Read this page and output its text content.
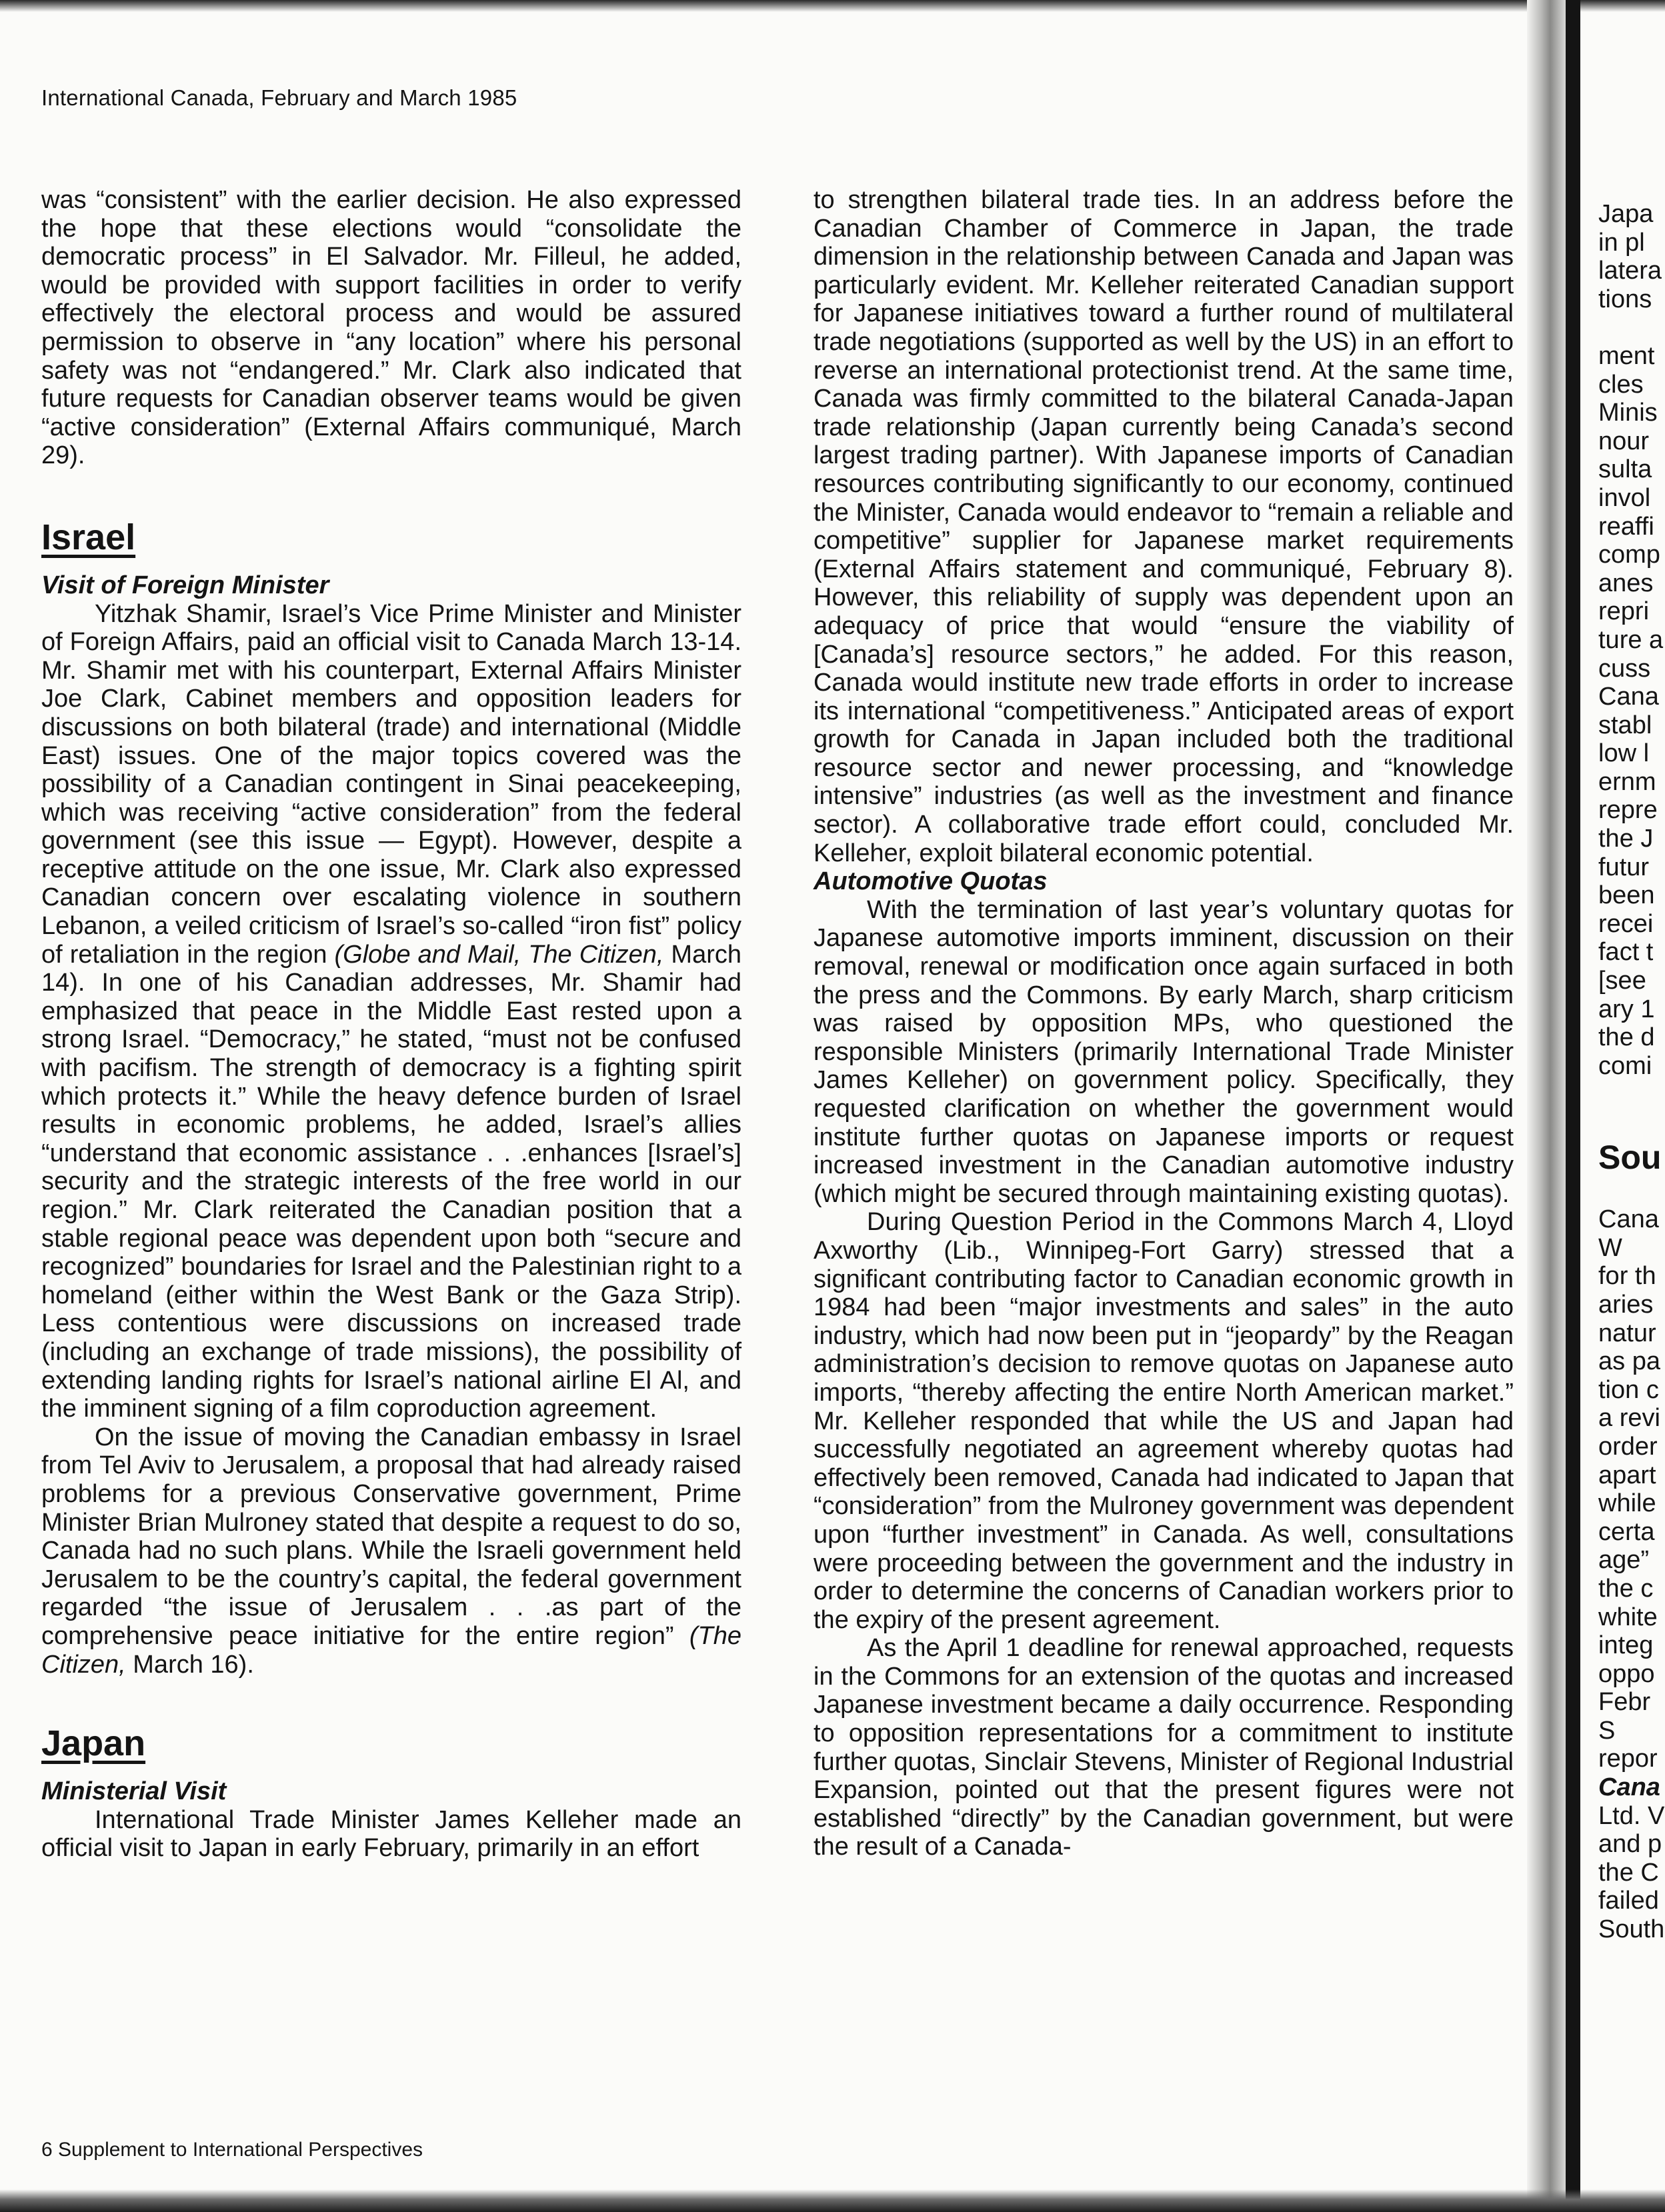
International Canada, February and March 1985

was “consistent” with the earlier decision. He also expressed the hope that these elections would “consolidate the democratic process” in El Salvador. Mr. Filleul, he added, would be provided with support facilities in order to verify effectively the electoral process and would be assured permission to observe in “any location” where his personal safety was not “endangered.” Mr. Clark also indicated that future requests for Canadian observer teams would be given “active consideration” (External Affairs communiqué, March 29).

Israel

Visit of Foreign Minister

Yitzhak Shamir, Israel’s Vice Prime Minister and Minister of Foreign Affairs, paid an official visit to Canada March 13-14. Mr. Shamir met with his counterpart, External Affairs Minister Joe Clark, Cabinet members and opposition leaders for discussions on both bilateral (trade) and international (Middle East) issues. One of the major topics covered was the possibility of a Canadian contingent in Sinai peacekeeping, which was receiving “active consideration” from the federal government (see this issue — Egypt). However, despite a receptive attitude on the one issue, Mr. Clark also expressed Canadian concern over escalating violence in southern Lebanon, a veiled criticism of Israel’s so-called “iron fist” policy of retaliation in the region (Globe and Mail, The Citizen, March 14). In one of his Canadian addresses, Mr. Shamir had emphasized that peace in the Middle East rested upon a strong Israel. “Democracy,” he stated, “must not be confused with pacifism. The strength of democracy is a fighting spirit which protects it.” While the heavy defence burden of Israel results in economic problems, he added, Israel’s allies “understand that economic assistance . . .enhances [Israel’s] security and the strategic interests of the free world in our region.” Mr. Clark reiterated the Canadian position that a stable regional peace was dependent upon both “secure and recognized” boundaries for Israel and the Palestinian right to a homeland (either within the West Bank or the Gaza Strip). Less contentious were discussions on increased trade (including an exchange of trade missions), the possibility of extending landing rights for Israel’s national airline El Al, and the imminent signing of a film coproduction agreement.

On the issue of moving the Canadian embassy in Israel from Tel Aviv to Jerusalem, a proposal that had already raised problems for a previous Conservative government, Prime Minister Brian Mulroney stated that despite a request to do so, Canada had no such plans. While the Israeli government held Jerusalem to be the country’s capital, the federal government regarded “the issue of Jerusalem . . .as part of the comprehensive peace initiative for the entire region” (The Citizen, March 16).

Japan

Ministerial Visit

International Trade Minister James Kelleher made an official visit to Japan in early February, primarily in an effort

to strengthen bilateral trade ties. In an address before the Canadian Chamber of Commerce in Japan, the trade dimension in the relationship between Canada and Japan was particularly evident. Mr. Kelleher reiterated Canadian support for Japanese initiatives toward a further round of multilateral trade negotiations (supported as well by the US) in an effort to reverse an international protectionist trend. At the same time, Canada was firmly committed to the bilateral Canada-Japan trade relationship (Japan currently being Canada’s second largest trading partner). With Japanese imports of Canadian resources contributing significantly to our economy, continued the Minister, Canada would endeavor to “remain a reliable and competitive” supplier for Japanese market requirements (External Affairs statement and communiqué, February 8). However, this reliability of supply was dependent upon an adequacy of price that would “ensure the viability of [Canada’s] resource sectors,” he added. For this reason, Canada would institute new trade efforts in order to increase its international “competitiveness.” Anticipated areas of export growth for Canada in Japan included both the traditional resource sector and newer processing, and “knowledge intensive” industries (as well as the investment and finance sector). A collaborative trade effort could, concluded Mr. Kelleher, exploit bilateral economic potential.

Automotive Quotas

With the termination of last year’s voluntary quotas for Japanese automotive imports imminent, discussion on their removal, renewal or modification once again surfaced in both the press and the Commons. By early March, sharp criticism was raised by opposition MPs, who questioned the responsible Ministers (primarily International Trade Minister James Kelleher) on government policy. Specifically, they requested clarification on whether the government would institute further quotas on Japanese imports or request increased investment in the Canadian automotive industry (which might be secured through maintaining existing quotas).

During Question Period in the Commons March 4, Lloyd Axworthy (Lib., Winnipeg-Fort Garry) stressed that a significant contributing factor to Canadian economic growth in 1984 had been “major investments and sales” in the auto industry, which had now been put in “jeopardy” by the Reagan administration’s decision to remove quotas on Japanese auto imports, “thereby affecting the entire North American market.” Mr. Kelleher responded that while the US and Japan had successfully negotiated an agreement whereby quotas had effectively been removed, Canada had indicated to Japan that “consideration” from the Mulroney government was dependent upon “further investment” in Canada. As well, consultations were proceeding between the government and the industry in order to determine the concerns of Canadian workers prior to the expiry of the present agreement.

As the April 1 deadline for renewal approached, requests in the Commons for an extension of the quotas and increased Japanese investment became a daily occurrence. Responding to opposition representations for a commitment to institute further quotas, Sinclair Stevens, Minister of Regional Industrial Expansion, pointed out that the present figures were not established “directly” by the Canadian government, but were the result of a Canada-

Japa
in pl
latera
tions

ment
cles
Minis
nour
sulta
invol
reaffi
comp
anes
repri
ture a
cuss
Cana
stabl
low l
ernm
repre
the J
futur
been
recei
fact t
[see
ary 1
the d
comi

Sou

Cana
W
for th
aries
natur
as pa
tion c
a revi
order
apart
while
certa
age”
the c
white
integ
oppo
Febr
S
repor
Cana
Ltd. V
and p
the C
failed
South
6 Supplement to International Perspectives
